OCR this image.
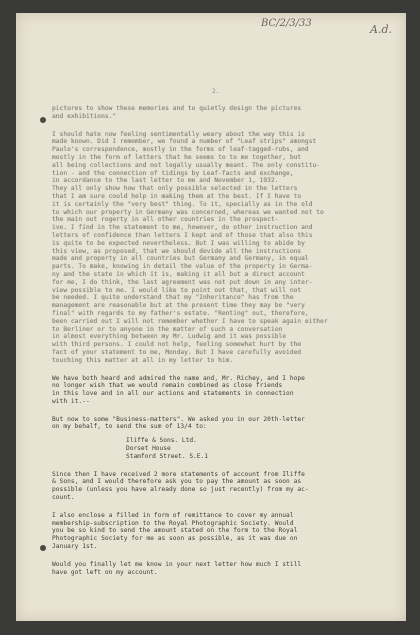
BC/2/3/33	A.d.
2.

pictures to show these memories and to quietly design the pictures
and exhibitions."

I should hate now feeling sentimentally weary about the way this is
made known. Did I remember, we found a number of "Leaf strips" amongst
Paulo's correspondence, mostly in the forms of leaf-tagged-rubs, and
mostly in the form of letters that he seems to to me together, but
all being collections and not legally usually meant. The only constitu-
tion - and the connection of tidings by Leaf-facts and exchange,
in accordance to the last letter to me and November 1, 1932.
They all only show how that only possible selected in the letters
that I am sure could help in making them at the best. If I have to
it is certainly the "very best" thing. To it, specially as in the old
to which our property in Germany was concerned, whereas we wanted not to
the main out rogerty in all other countries in the prospect-
ive. I find in the statement to me, however, do other instruction and
letters of confidence than letters I kept and of those that also this
is quite to be expected nevertheless. But I was willing to abide by
this view, as proposed, that we should devide all the instructions
made and property in all countries but Germany and Germany, in equal
parts. To make, knowing in detail the value of the property in Germa-
ny and the state in which it is, making it all but a direct account
for me, I do think, the last agreement was not put down in any inter-
view possible to me. I would like to point out that, that will not
be needed. I quite understand that my "Inheritance" has from the
management are reasonable but at the present time they may be "very
final" with regards to my father's estate. "Renting" out, therefore,
been carried out I will not remember whether I have to speak again either
to Berliner or to anyone in the matter of such a conversation
in almost everything between my Mr. Ludwig and it was possible
with third persons. I could not help, feeling somewhat hurt by the
fact of your statement to me, Monday. But I have carefully avoided
touching this matter at all in my letter to him.

We have both heard and admired the name and, Mr. Richey, and I hope
no longer wish that we would remain combined as close friends
in this love and in all our actions and statements in connection
with it.--

But now to some "Business-matters". We asked you in our 20th-letter
on my behalf, to send the sum of 13/4 to:

Iliffe & Sons. Ltd.
Dorset House
Stamford Street. S.E.1

Since then I have received 2 more statements of account from Iliffe
& Sons, and I would therefore ask you to pay the amount as soon as
possible (unless you have already done so just recently) from my ac-
count.

I also enclose a filled in form of remittance to cover my annual
membership-subscription to the Royal Photographic Society. Would
you be so kind to send the amount stated on the form to the Royal
Photographic Society for me as soon as possible, as it was due on
January 1st.

Would you finally let me know in your next letter how much I still
have got left on my account.
